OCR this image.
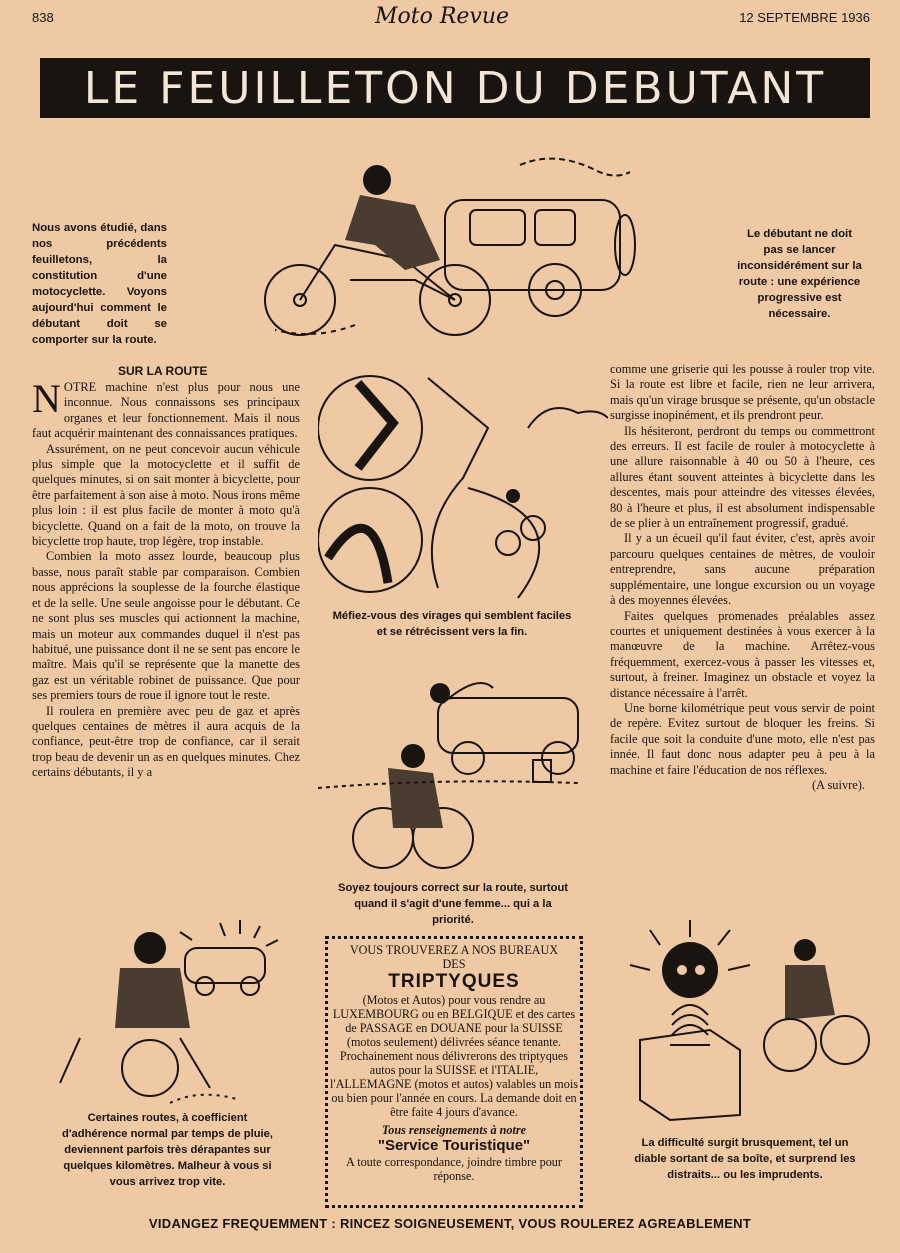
838	Moto Revue	12 SEPTEMBRE 1936
LE FEUILLETON DU DEBUTANT
Nous avons étudié, dans nos précédents feuilletons, la constitution d'une motocyclette. Voyons aujourd'hui comment le débutant doit se comporter sur la route.
Le débutant ne doit pas se lancer inconsidérément sur la route : une expérience progressive est nécessaire.
SUR LA ROUTE

NOTRE machine n'est plus pour nous une inconnue. Nous connaissons ses principaux organes et leur fonctionnement. Mais il nous faut acquérir maintenant des connaissances pratiques.

Assurément, on ne peut concevoir aucun véhicule plus simple que la motocyclette et il suffit de quelques minutes, si on sait monter à bicyclette, pour être parfaitement à son aise à moto. Nous irons même plus loin : il est plus facile de monter à moto qu'à bicyclette. Quand on a fait de la moto, on trouve la bicyclette trop haute, trop légère, trop instable.

Combien la moto assez lourde, beaucoup plus basse, nous paraît stable par comparaison. Combien nous apprécions la souplesse de la fourche élastique et de la selle. Une seule angoisse pour le débutant. Ce ne sont plus ses muscles qui actionnent la machine, mais un moteur aux commandes duquel il n'est pas habitué, une puissance dont il ne se sent pas encore le maître. Mais qu'il se représente que la manette des gaz est un véritable robinet de puissance. Que pour ses premiers tours de roue il ignore tout le reste.

Il roulera en première avec peu de gaz et après quelques centaines de mètres il aura acquis de la confiance, peut-être trop de confiance, car il serait trop beau de devenir un as en quelques minutes. Chez certains débutants, il y a

Méfiez-vous des virages qui semblent faciles et se rétrécissent vers la fin.
Soyez toujours correct sur la route, surtout quand il s'agit d'une femme... qui a la priorité.

comme une griserie qui les pousse à rouler trop vite. Si la route est libre et facile, rien ne leur arrivera, mais qu'un virage brusque se présente, qu'un obstacle surgisse inopinément, et ils prendront peur.

Ils hésiteront, perdront du temps ou commettront des erreurs. Il est facile de rouler à motocyclette à une allure raisonnable à 40 ou 50 à l'heure, ces allures étant souvent atteintes à bicyclette dans les descentes, mais pour atteindre des vitesses élevées, 80 à l'heure et plus, il est absolument indispensable de se plier à un entraînement progressif, gradué.

Il y a un écueil qu'il faut éviter, c'est, après avoir parcouru quelques centaines de mètres, de vouloir entreprendre, sans aucune préparation supplémentaire, une longue excursion ou un voyage à des moyennes élevées.

Faites quelques promenades préalables assez courtes et uniquement destinées à vous exercer à la manœuvre de la machine. Arrêtez-vous fréquemment, exercez-vous à passer les vitesses et, surtout, à freiner. Imaginez un obstacle et voyez la distance nécessaire à l'arrêt.

Une borne kilométrique peut vous servir de point de repère. Evitez surtout de bloquer les freins. Si facile que soit la conduite d'une moto, elle n'est pas innée. Il faut donc nous adapter peu à peu à la machine et faire l'éducation de nos réflexes.

(A suivre).
Certaines routes, à coefficient d'adhérence normal par temps de pluie, deviennent parfois très dérapantes sur quelques kilomètres. Malheur à vous si vous arrivez trop vite.
VOUS TROUVEREZ A NOS BUREAUX DES
TRIPTYQUES
(Motos et Autos) pour vous rendre au LUXEMBOURG ou en BELGIQUE et des cartes de PASSAGE en DOUANE pour la SUISSE (motos seulement) délivrées séance tenante. Prochainement nous délivrerons des triptyques autos pour la SUISSE et l'ITALIE, l'ALLEMAGNE (motos et autos) valables un mois ou bien pour l'année en cours. La demande doit en être faite 4 jours d'avance.
Tous renseignements à notre
"Service Touristique"
A toute correspondance, joindre timbre pour réponse.
La difficulté surgit brusquement, tel un diable sortant de sa boîte, et surprend les distraits... ou les imprudents.
VIDANGEZ FREQUEMMENT : RINCEZ SOIGNEUSEMENT, VOUS ROULEREZ AGREABLEMENT
